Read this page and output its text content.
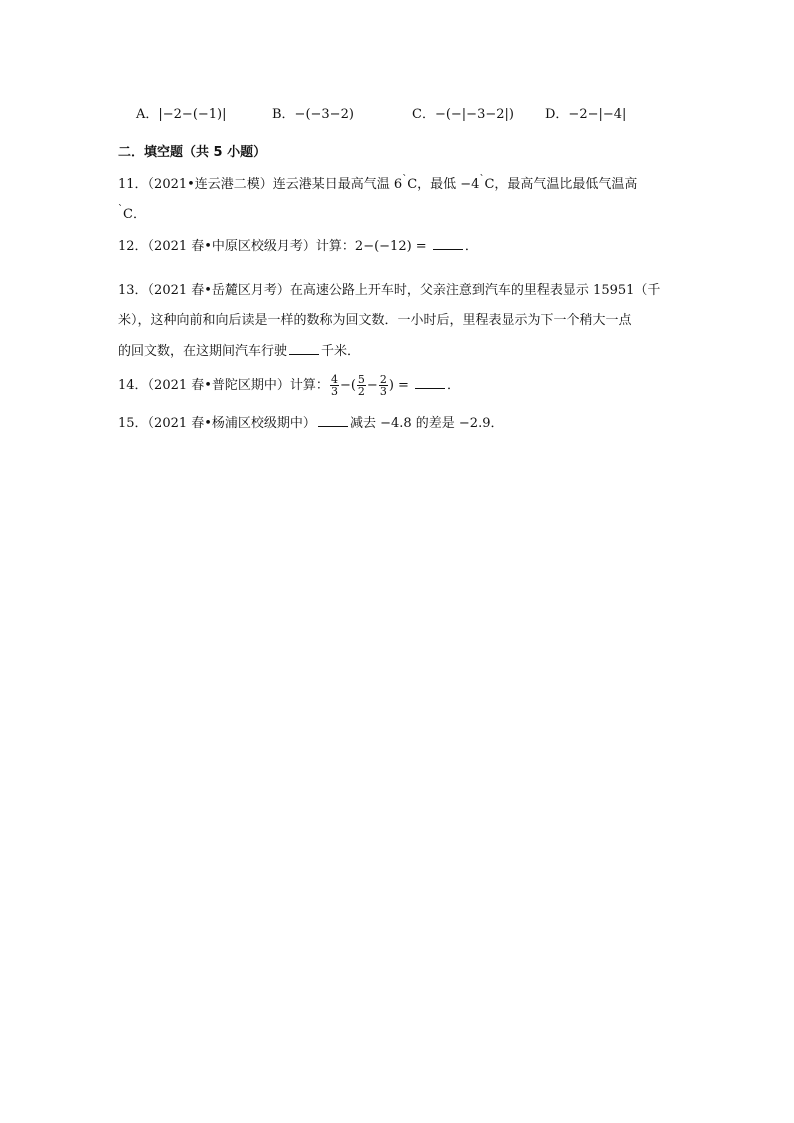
A．|−2−(−1)|	B．−(−3−2)	C．−(−|−3−2|) D．−2−|−4|
二．填空题（共 5 小题）
11．（2021•连云港二模）连云港某日最高气温 6`C，最低 −4`C，最高气温比最低气温高
`C．
12．（2021 春•中原区校级月考）计算：2−(−12) =	．
13．（2021 春•岳麓区月考）在高速公路上开车时，父亲注意到汽车的里程表显示 15951（千
米），这种向前和向后读是一样的数称为回文数．一小时后，里程表显示为下一个稍大一点
的回文数，在这期间汽车行驶	千米．
14．（2021 春•普陀区期中）计算： $\frac{4}{3}$ −( $\frac{5}{2} - \frac{2}{3}$ ) =	．
15．（2021 春•杨浦区校级期中）	减去 −4.8 的差是 −2.9．
